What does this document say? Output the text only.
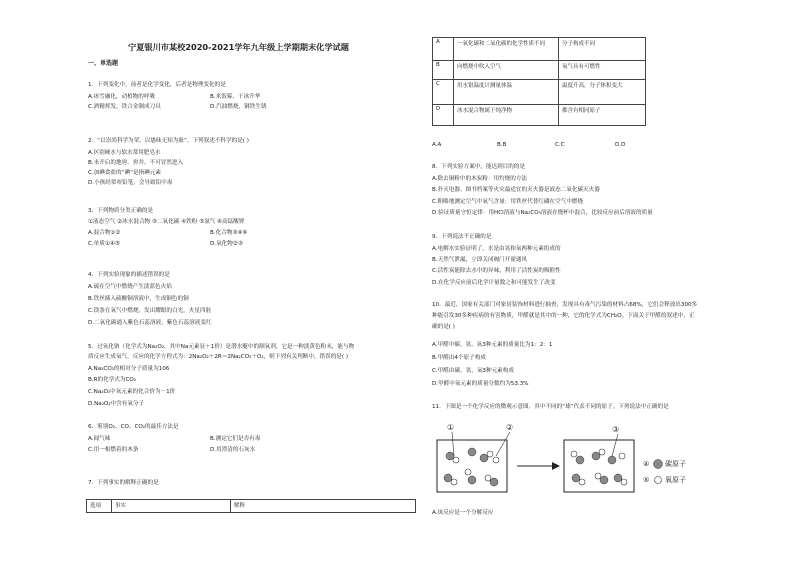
宁夏银川市某校2020-2021学年九年级上学期期末化学试题
一、单选题
1．下列变化中，前者是化学变化，后者是物理变化的是
A.冰雪融化，动植物的呼吸	B.米饭霉，干冰升华
C.酒精挥发，铁合金制成刀具	D.汽油燃烧，钢铁生锈
2．“以崇尚科学为荣，以愚昧无知为耻”。下列叙述不科学的是( )
A.区别硬水与软水常用肥皂水
B.未开启的地窖、窖井，不可冒然进入
C.加碘食盐的“碘”是指碘元素
D.小孩经常咬铅笔，会导致铅中毒
3．下列物质分类正确的是
①液态空气 ②冰水混合物 ③二氧化碳 ④铁粉 ⑤氮气 ⑥高锰酸钾
A.混合物①②	B.化合物③④⑥
C.单质①④⑤	D.氧化物②③
4．下列实验现象的描述错误的是
A.硫在空气中燃烧产生淡蓝色火焰
B.铁丝插入硫酸铜溶液中，生成铜色的铜
C.镁条在氧气中燃烧，发出耀眼的白光，火星四射
D.二氧化碳通入紫色石蕊溶液，紫色石蕊溶液变红
5．过氧化钠（化学式为Na₂O₂，其中Na元素显＋1价）是潜水艇中的制氧剂，它是一种淡黄色粉末，能与物
质反应生成氧气，反应的化学方程式为：2Na₂O₂＋2R＝2Na₂CO₃＋O₂，则下列有关判断中，错误的是( )
A.Na₂CO₃的相对分子质量为106
B.R的化学式为CO₂
C.Na₂O₂中氧元素的化合价为－1价
D.Na₂O₂中含有氧分子
6．鉴别O₂、CO、CO₂的最佳方法是
A.闻气味	B.测定它们是否有毒
C.用一根燃着的木条	D.用澄清的石灰水
7．下列事实的解释正确的是
选项	事实	解释
A	一氧化碳和二氧化碳的化学性质不同	分子构成不同
B	向燃烧中吹入空气	氧气具有可燃性
C	用水银温度计测量体温	温度升高，分子体积变大
D	冰水混合物属于纯净物	都含有相同原子
A.A	B.B	C.C	D.D
8．下列实验方案中，能达到目的的是
A.除去铜粉中的木炭粉：用灼烧的方法
B.扑灭电器、图书档案等火灾最适宜的灭火器是液态二氧化碳灭火器
C.粗略地测定空气中氧气含量：用铁丝代替红磷在空气中燃烧
D.验证质量守恒定律：用HCl溶液与Na₂CO₃溶液在烧杯中混合，比较反应前后溶液的质量
9．下列说法不正确的是
A.电解水实验证明了，水是由氢和氧两种元素组成的
B.天然气泄漏，立即关闭阀门开窗通风
C.活性炭能除去水中的异味，利用了活性炭的吸附性
D.在化学反应前后化学计量数之和可能发生了改变
10．最近，国家有关部门对家居装饰材料进行抽查，发现具有毒气污染的材料占68%，它们会释放出300多
种能引发30多种疾病的有害物质，甲醛就是其中的一种，它的化学式为CH₂O。下面关于甲醛的叙述中，正
确的是( )
A.甲醛中碳、氢、氧3种元素的质量比为1：2：1
B.甲醛由4个原子构成
C.甲醛由碳、氢、氧3种元素构成
D.甲醛中氧元素的质量分数约为53.3%
11．下图是一个化学反应的微观示意图，其中不同的“球”代表不同的原子。下列说法中正确的是
①	②	③
④
⑤
碳原子
氧原子
A.该反应是一个分解反应
